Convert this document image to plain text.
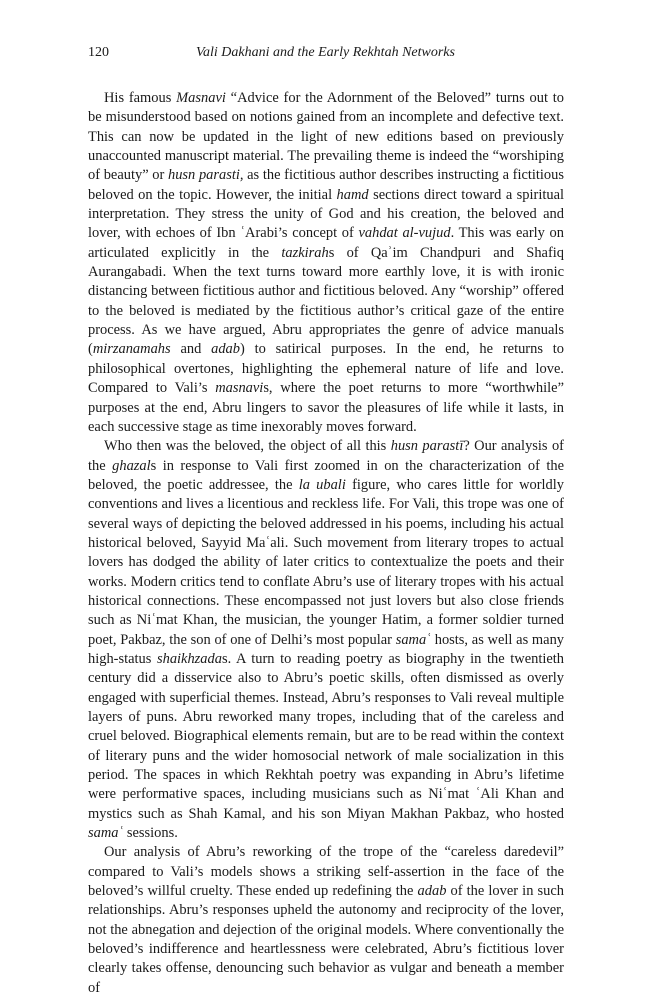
120	Vali Dakhani and the Early Rekhtah Networks

His famous Masnavi “Advice for the Adornment of the Beloved” turns out to be misunderstood based on notions gained from an incomplete and defective text. This can now be updated in the light of new editions based on previously unaccounted manuscript material. The prevailing theme is indeed the “worshiping of beauty” or husn parasti, as the fictitious author describes instructing a fictitious beloved on the topic. However, the initial hamd sections direct toward a spiritual interpretation. They stress the unity of God and his creation, the beloved and lover, with echoes of Ibn ʿArabi’s concept of vahdat al-vujud. This was early on articulated explicitly in the tazkirahs of Qaʾim Chandpuri and Shafiq Aurangabadi. When the text turns toward more earthly love, it is with ironic distancing between fictitious author and fictitious beloved. Any “worship” offered to the beloved is mediated by the fictitious author’s critical gaze of the entire process. As we have argued, Abru appropriates the genre of advice manuals (mirzanamahs and adab) to satirical purposes. In the end, he returns to philosophical overtones, highlighting the ephemeral nature of life and love. Compared to Vali’s masnavis, where the poet returns to more “worthwhile” purposes at the end, Abru lingers to savor the pleasures of life while it lasts, in each successive stage as time inexorably moves forward.

Who then was the beloved, the object of all this husn parastī? Our analysis of the ghazals in response to Vali first zoomed in on the characterization of the beloved, the poetic addressee, the la ubali figure, who cares little for worldly conventions and lives a licentious and reckless life. For Vali, this trope was one of several ways of depicting the beloved addressed in his poems, including his actual historical beloved, Sayyid Maʿali. Such movement from literary tropes to actual lovers has dodged the ability of later critics to contextualize the poets and their works. Modern critics tend to conflate Abru’s use of literary tropes with his actual historical connections. These encompassed not just lovers but also close friends such as Niʿmat Khan, the musician, the younger Hatim, a former soldier turned poet, Pakbaz, the son of one of Delhi’s most popular samaʿ hosts, as well as many high-status shaikhzadas. A turn to reading poetry as biography in the twentieth century did a disservice also to Abru’s poetic skills, often dismissed as overly engaged with superficial themes. Instead, Abru’s responses to Vali reveal multiple layers of puns. Abru reworked many tropes, including that of the careless and cruel beloved. Biographical elements remain, but are to be read within the context of literary puns and the wider homosocial network of male socialization in this period. The spaces in which Rekhtah poetry was expanding in Abru’s lifetime were performative spaces, including musicians such as Niʿmat ʿAli Khan and mystics such as Shah Kamal, and his son Miyan Makhan Pakbaz, who hosted samaʿ sessions.

Our analysis of Abru’s reworking of the trope of the “careless daredevil” compared to Vali’s models shows a striking self-assertion in the face of the beloved’s willful cruelty. These ended up redefining the adab of the lover in such relationships. Abru’s responses upheld the autonomy and reciprocity of the lover, not the abnegation and dejection of the original models. Where conventionally the beloved’s indifference and heartlessness were celebrated, Abru’s fictitious lover clearly takes offense, denouncing such behavior as vulgar and beneath a member of
